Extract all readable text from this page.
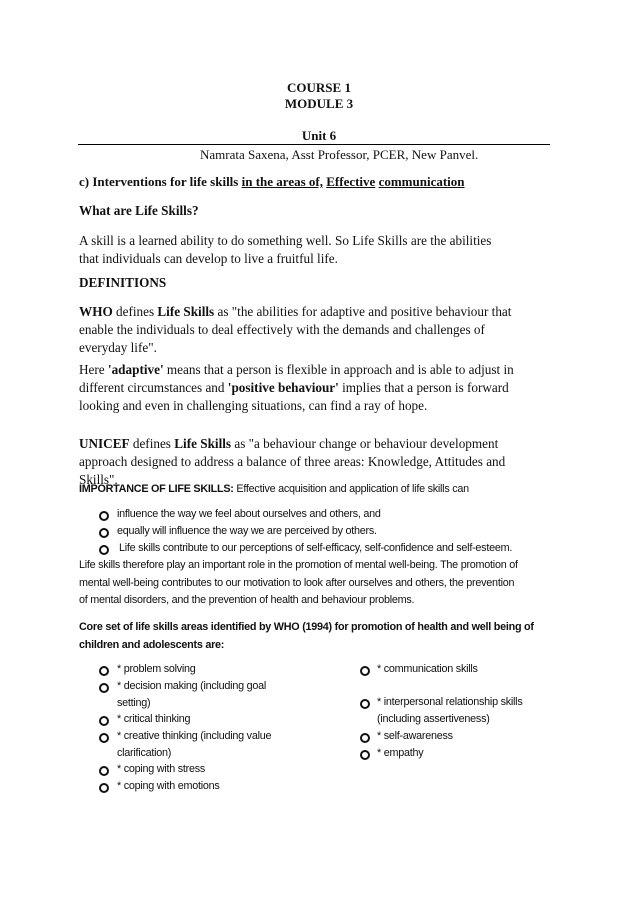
COURSE 1
MODULE 3
Unit 6
Namrata Saxena, Asst Professor, PCER, New Panvel.
c) Interventions for life skills in the areas of, Effective communication
What are Life Skills?
A skill is a learned ability to do something well. So Life Skills are the abilities
that individuals can develop to live a fruitful life.
DEFINITIONS
WHO defines Life Skills as "the abilities for adaptive and positive behaviour that
enable the individuals to deal effectively with the demands and challenges of
everyday life".
Here 'adaptive' means that a person is flexible in approach and is able to adjust in
different circumstances and 'positive behaviour' implies that a person is forward
looking and even in challenging situations, can find a ray of hope.
UNICEF defines Life Skills as "a behaviour change or behaviour development
approach designed to address a balance of three areas: Knowledge, Attitudes and
Skills".
IMPORTANCE OF LIFE SKILLS: Effective acquisition and application of life skills can
influence the way we feel about ourselves and others, and
equally will influence the way we are perceived by others.
Life skills contribute to our perceptions of self-efficacy, self-confidence and self-esteem.
Life skills therefore play an important role in the promotion of mental well-being. The promotion of
mental well-being contributes to our motivation to look after ourselves and others, the prevention
of mental disorders, and the prevention of health and behaviour problems.
Core set of life skills areas identified by WHO (1994) for promotion of health and well being of
children and adolescents are:
* problem solving
* decision making (including goal
setting)
* critical thinking
* creative thinking (including value
clarification)
* coping with stress
* coping with emotions
* communication skills
* interpersonal relationship skills
(including assertiveness)
* self-awareness
* empathy
